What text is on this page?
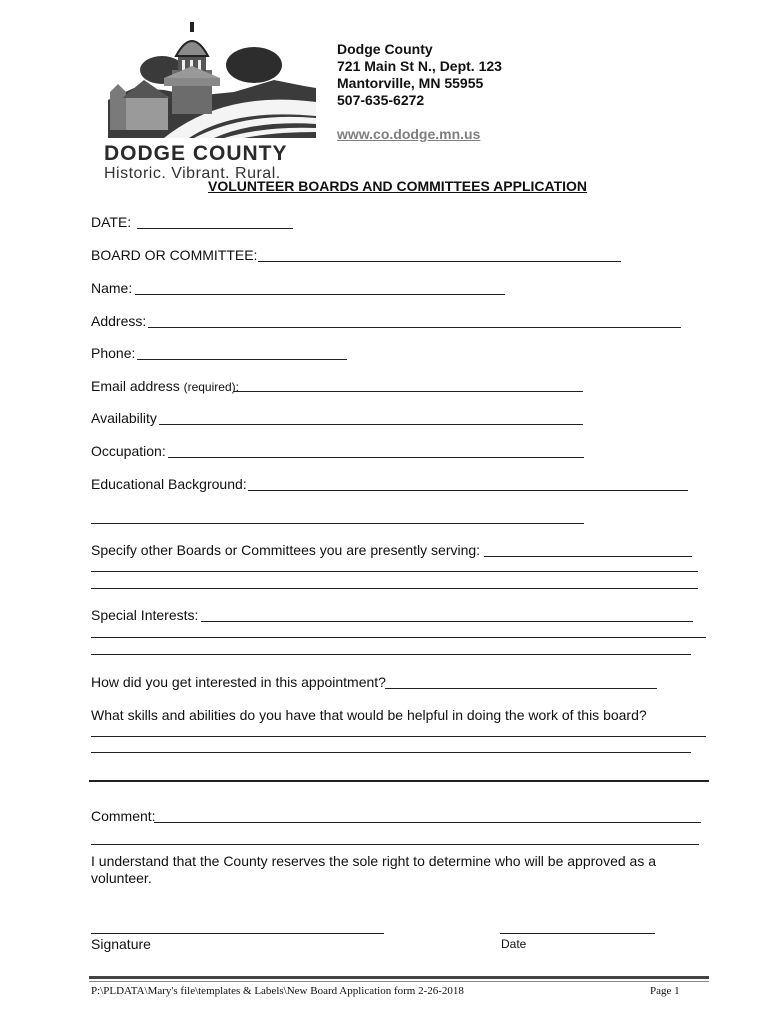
DODGE COUNTY
Historic. Vibrant. Rural.
Dodge County
721 Main St N., Dept. 123
Mantorville, MN 55955
507-635-6272
www.co.dodge.mn.us
VOLUNTEER BOARDS AND COMMITTEES APPLICATION
DATE:
BOARD OR COMMITTEE:
Name:
Address:
Phone:
Email address (required):
Availability
Occupation:
Educational Background:
Specify other Boards or Committees you are presently serving:
Special Interests:
How did you get interested in this appointment?
What skills and abilities do you have that would be helpful in doing the work of this board?
Comment:
I understand that the County reserves the sole right to determine who will be approved as a volunteer.
Signature	Date
P:\PLDATA\Mary's file\templates & Labels\New Board Application form 2-26-2018	Page 1
